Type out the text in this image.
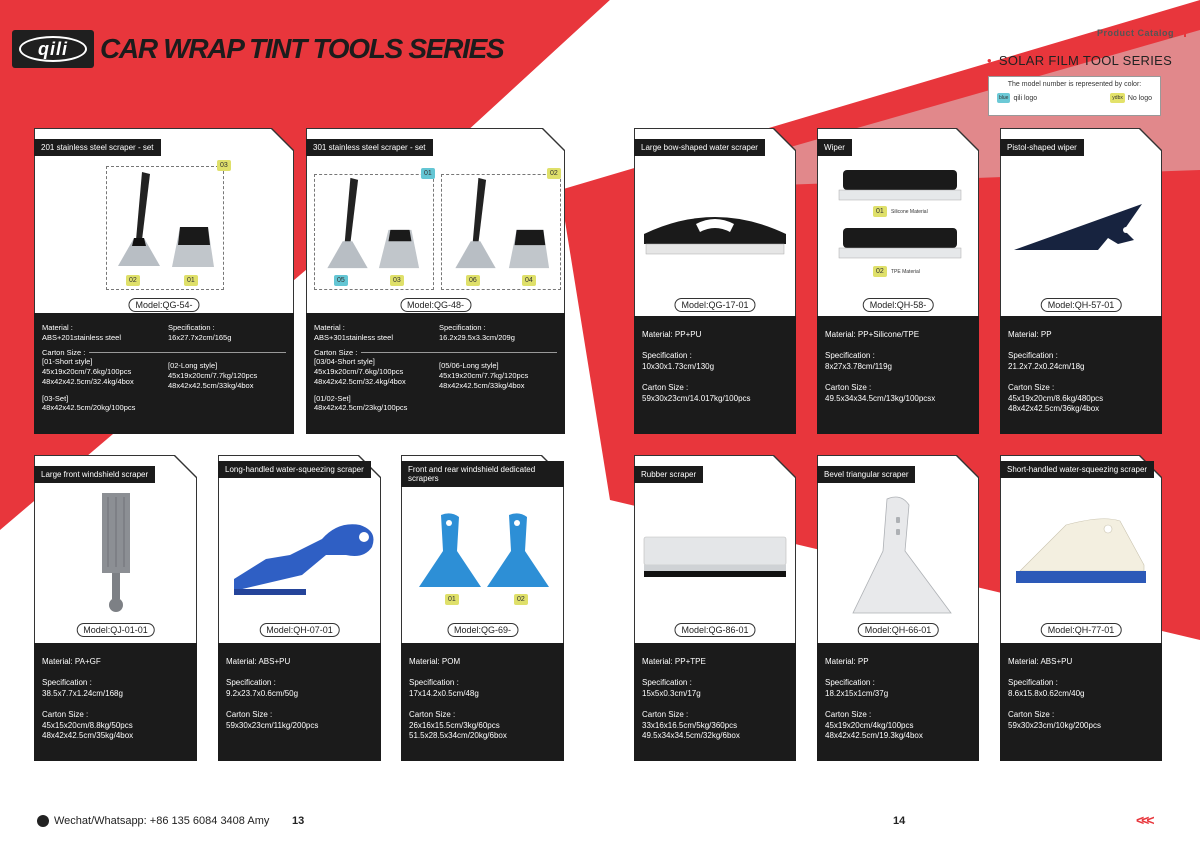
qili	CAR WRAP TINT TOOLS SERIES	Product Catalog
• SOLAR FILM TOOL SERIES
The model number is represented by color:
blue qili logo	ydbx No logo
201 stainless steel scraper - set
03
02	01
Material :
ABS+201stainless steel
Specification :
16x27.7x2cm/165g
Carton Size :
[01-Short style]
45x19x20cm/7.6kg/100pcs
48x42x42.5cm/32.4kg/4box
[02-Long style]
45x19x20cm/7.7kg/120pcs
48x42x42.5cm/33kg/4box
[03-Set]
48x42x42.5cm/20kg/100pcs
Model:QG-54-
301 stainless steel scraper - set
01	02
05	03	06	04
Material :
ABS+301stainless steel
Specification :
16.2x29.5x3.3cm/209g
Carton Size :
[03/04-Short style]
45x19x20cm/7.6kg/100pcs
48x42x42.5cm/32.4kg/4box
[05/06-Long style]
45x19x20cm/7.7kg/120pcs
48x42x42.5cm/33kg/4box
[01/02-Set]
48x42x42.5cm/23kg/100pcs
Model:QG-48-
Large bow-shaped water scraper
Material: PP+PU
Specification :
10x30x1.73cm/130g
Carton Size :
59x30x23cm/14.017kg/100pcs
Model:QG-17-01
Wiper
01	Silicone Material
02	TPE Material
Material: PP+Silicone/TPE
Specification :
8x27x3.78cm/119g
Carton Size :
49.5x34x34.5cm/13kg/100pcsx
Model:QH-58-
Pistol-shaped wiper
Material: PP
Specification :
21.2x7.2x0.24cm/18g
Carton Size :
45x19x20cm/8.6kg/480pcs
48x42x42.5cm/36kg/4box
Model:QH-57-01
Large front windshield scraper
Material: PA+GF
Specification :
38.5x7.7x1.24cm/168g
Carton Size :
45x15x20cm/8.8kg/50pcs
48x42x42.5cm/35kg/4box
Model:QJ-01-01
Long-handled water-squeezing scraper
Material: ABS+PU
Specification :
9.2x23.7x0.6cm/50g
Carton Size :
59x30x23cm/11kg/200pcs
Model:QH-07-01
Front and rear windshield dedicated scrapers
01	02
Material: POM
Specification :
17x14.2x0.5cm/48g
Carton Size :
26x16x15.5cm/3kg/60pcs
51.5x28.5x34cm/20kg/6box
Model:QG-69-
Rubber scraper
Material: PP+TPE
Specification :
15x5x0.3cm/17g
Carton Size :
33x16x16.5cm/5kg/360pcs
49.5x34x34.5cm/32kg/6box
Model:QG-86-01
Bevel triangular scraper
Material: PP
Specification :
18.2x15x1cm/37g
Carton Size :
45x19x20cm/4kg/100pcs
48x42x42.5cm/19.3kg/4box
Model:QH-66-01
Short-handled water-squeezing scraper
Material: ABS+PU
Specification :
8.6x15.8x0.62cm/40g
Carton Size :
59x30x23cm/10kg/200pcs
Model:QH-77-01
Wechat/Whatsapp: +86 135 6084 3408 Amy 13	14	<<<
